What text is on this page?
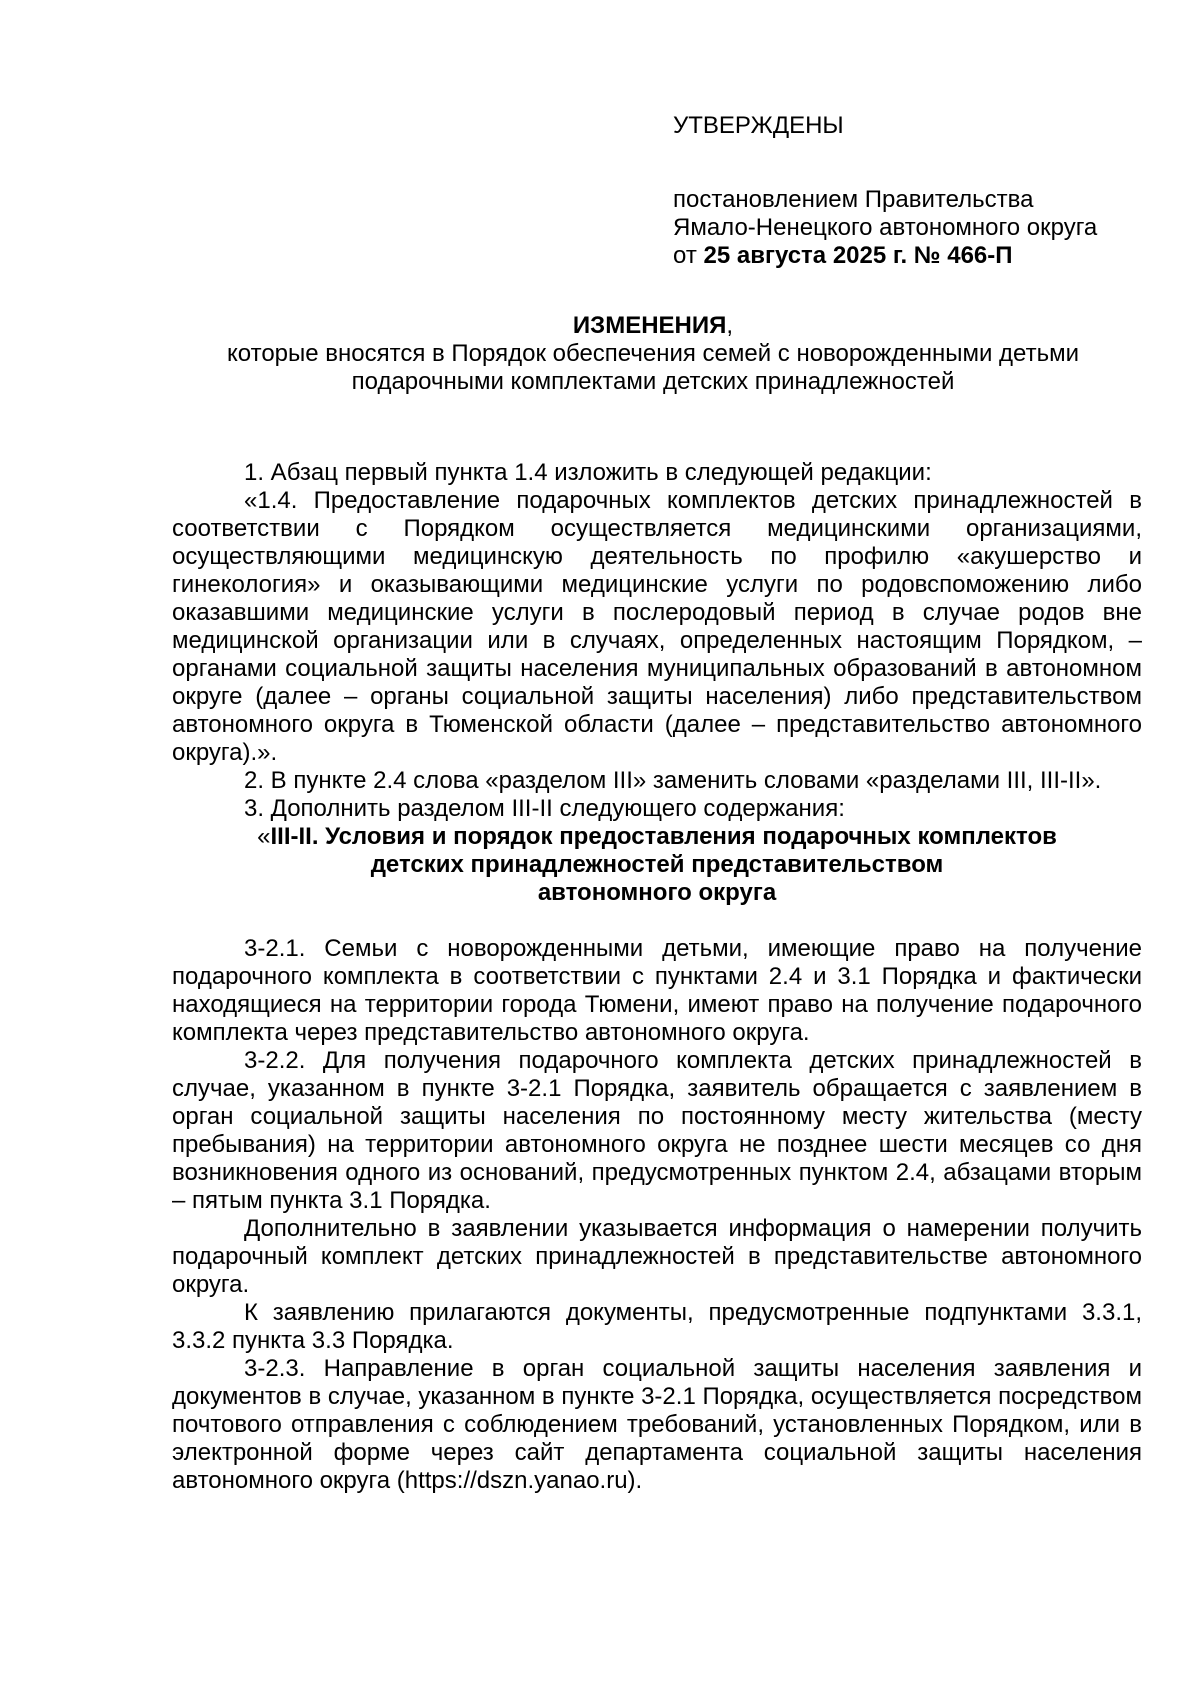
УТВЕРЖДЕНЫ
постановлением Правительства
Ямало-Ненецкого автономного округа
от 25 августа 2025 г. № 466-П
ИЗМЕНЕНИЯ,
которые вносятся в Порядок обеспечения семей с новорожденными детьми
подарочными комплектами детских принадлежностей

1. Абзац первый пункта 1.4 изложить в следующей редакции:

«1.4. Предоставление подарочных комплектов детских принадлежностей в соответствии с Порядком осуществляется медицинскими организациями, осуществляющими медицинскую деятельность по профилю «акушерство и гинекология» и оказывающими медицинские услуги по родовспоможению либо оказавшими медицинские услуги в послеродовый период в случае родов вне медицинской организации или в случаях, определенных настоящим Порядком, – органами социальной защиты населения муниципальных образований в автономном округе (далее – органы социальной защиты населения) либо представительством автономного округа в Тюменской области (далее – представительство автономного округа).».

2. В пункте 2.4 слова «разделом III» заменить словами «разделами III, III-II».

3. Дополнить разделом III-II следующего содержания:

«III-II. Условия и порядок предоставления подарочных комплектов
детских принадлежностей представительством
автономного округа

3-2.1. Семьи с новорожденными детьми, имеющие право на получение подарочного комплекта в соответствии с пунктами 2.4 и 3.1 Порядка и фактически находящиеся на территории города Тюмени, имеют право на получение подарочного комплекта через представительство автономного округа.

3-2.2. Для получения подарочного комплекта детских принадлежностей в случае, указанном в пункте 3-2.1 Порядка, заявитель обращается с заявлением в орган социальной защиты населения по постоянному месту жительства (месту пребывания) на территории автономного округа не позднее шести месяцев со дня возникновения одного из оснований, предусмотренных пунктом 2.4, абзацами вторым – пятым пункта 3.1 Порядка.

Дополнительно в заявлении указывается информация о намерении получить подарочный комплект детских принадлежностей в представительстве автономного округа.

К заявлению прилагаются документы, предусмотренные подпунктами 3.3.1, 3.3.2 пункта 3.3 Порядка.

3-2.3. Направление в орган социальной защиты населения заявления и документов в случае, указанном в пункте 3-2.1 Порядка, осуществляется посредством почтового отправления с соблюдением требований, установленных Порядком, или в электронной форме через сайт департамента социальной защиты населения автономного округа (https://dszn.yanao.ru).
